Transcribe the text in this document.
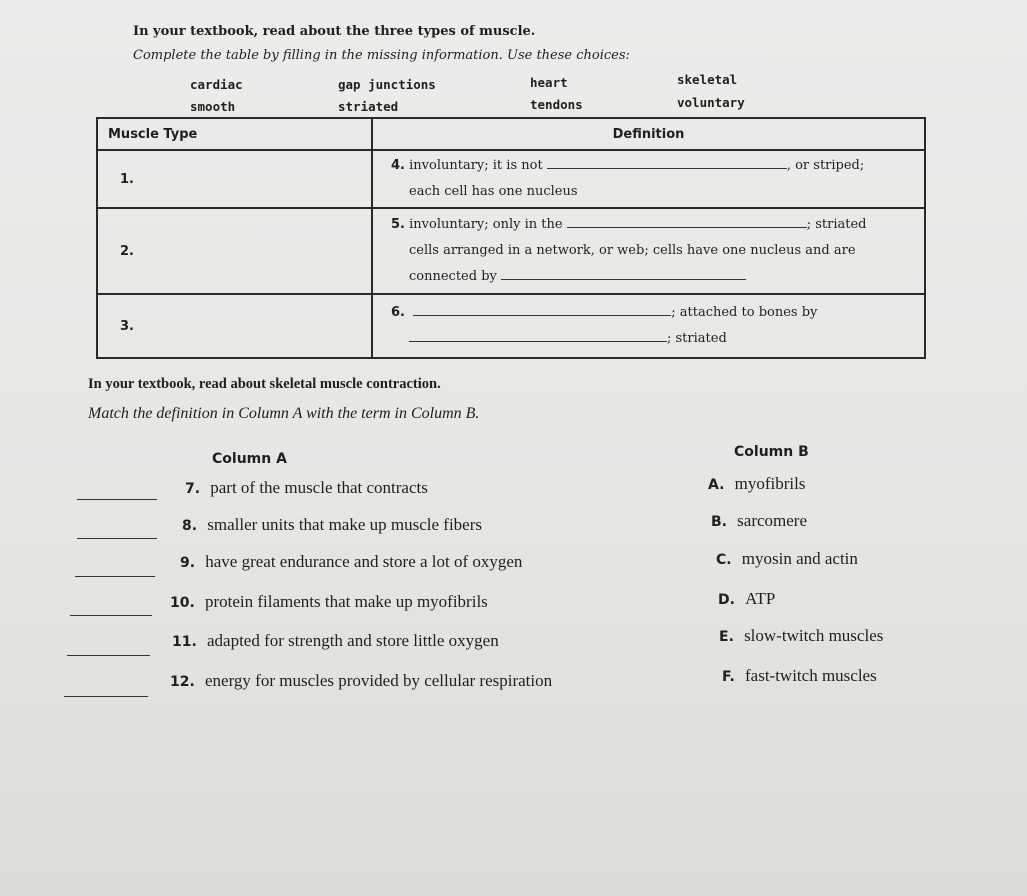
In your textbook, read about the three types of muscle.
Complete the table by filling in the missing information. Use these choices:
cardiac	gap junctions	heart	skeletal
smooth	striated	tendons	voluntary
Muscle Type	Definition
1.	4. involuntary; it is not , or striped;
each cell has one nucleus

2.	5. involuntary; only in the ; striated
cells arranged in a network, or web; cells have one nucleus and are
connected by

3.	6. ; attached to bones by
; striated
In your textbook, read about skeletal muscle contraction.
Match the definition in Column A with the term in Column B.
Column A	Column B
7. part of the muscle that contracts	A. myofibrils
8. smaller units that make up muscle fibers	B. sarcomere
9. have great endurance and store a lot of oxygen	C. myosin and actin
10. protein filaments that make up myofibrils	D. ATP
11. adapted for strength and store little oxygen	E. slow-twitch muscles
12. energy for muscles provided by cellular respiration	F. fast-twitch muscles
